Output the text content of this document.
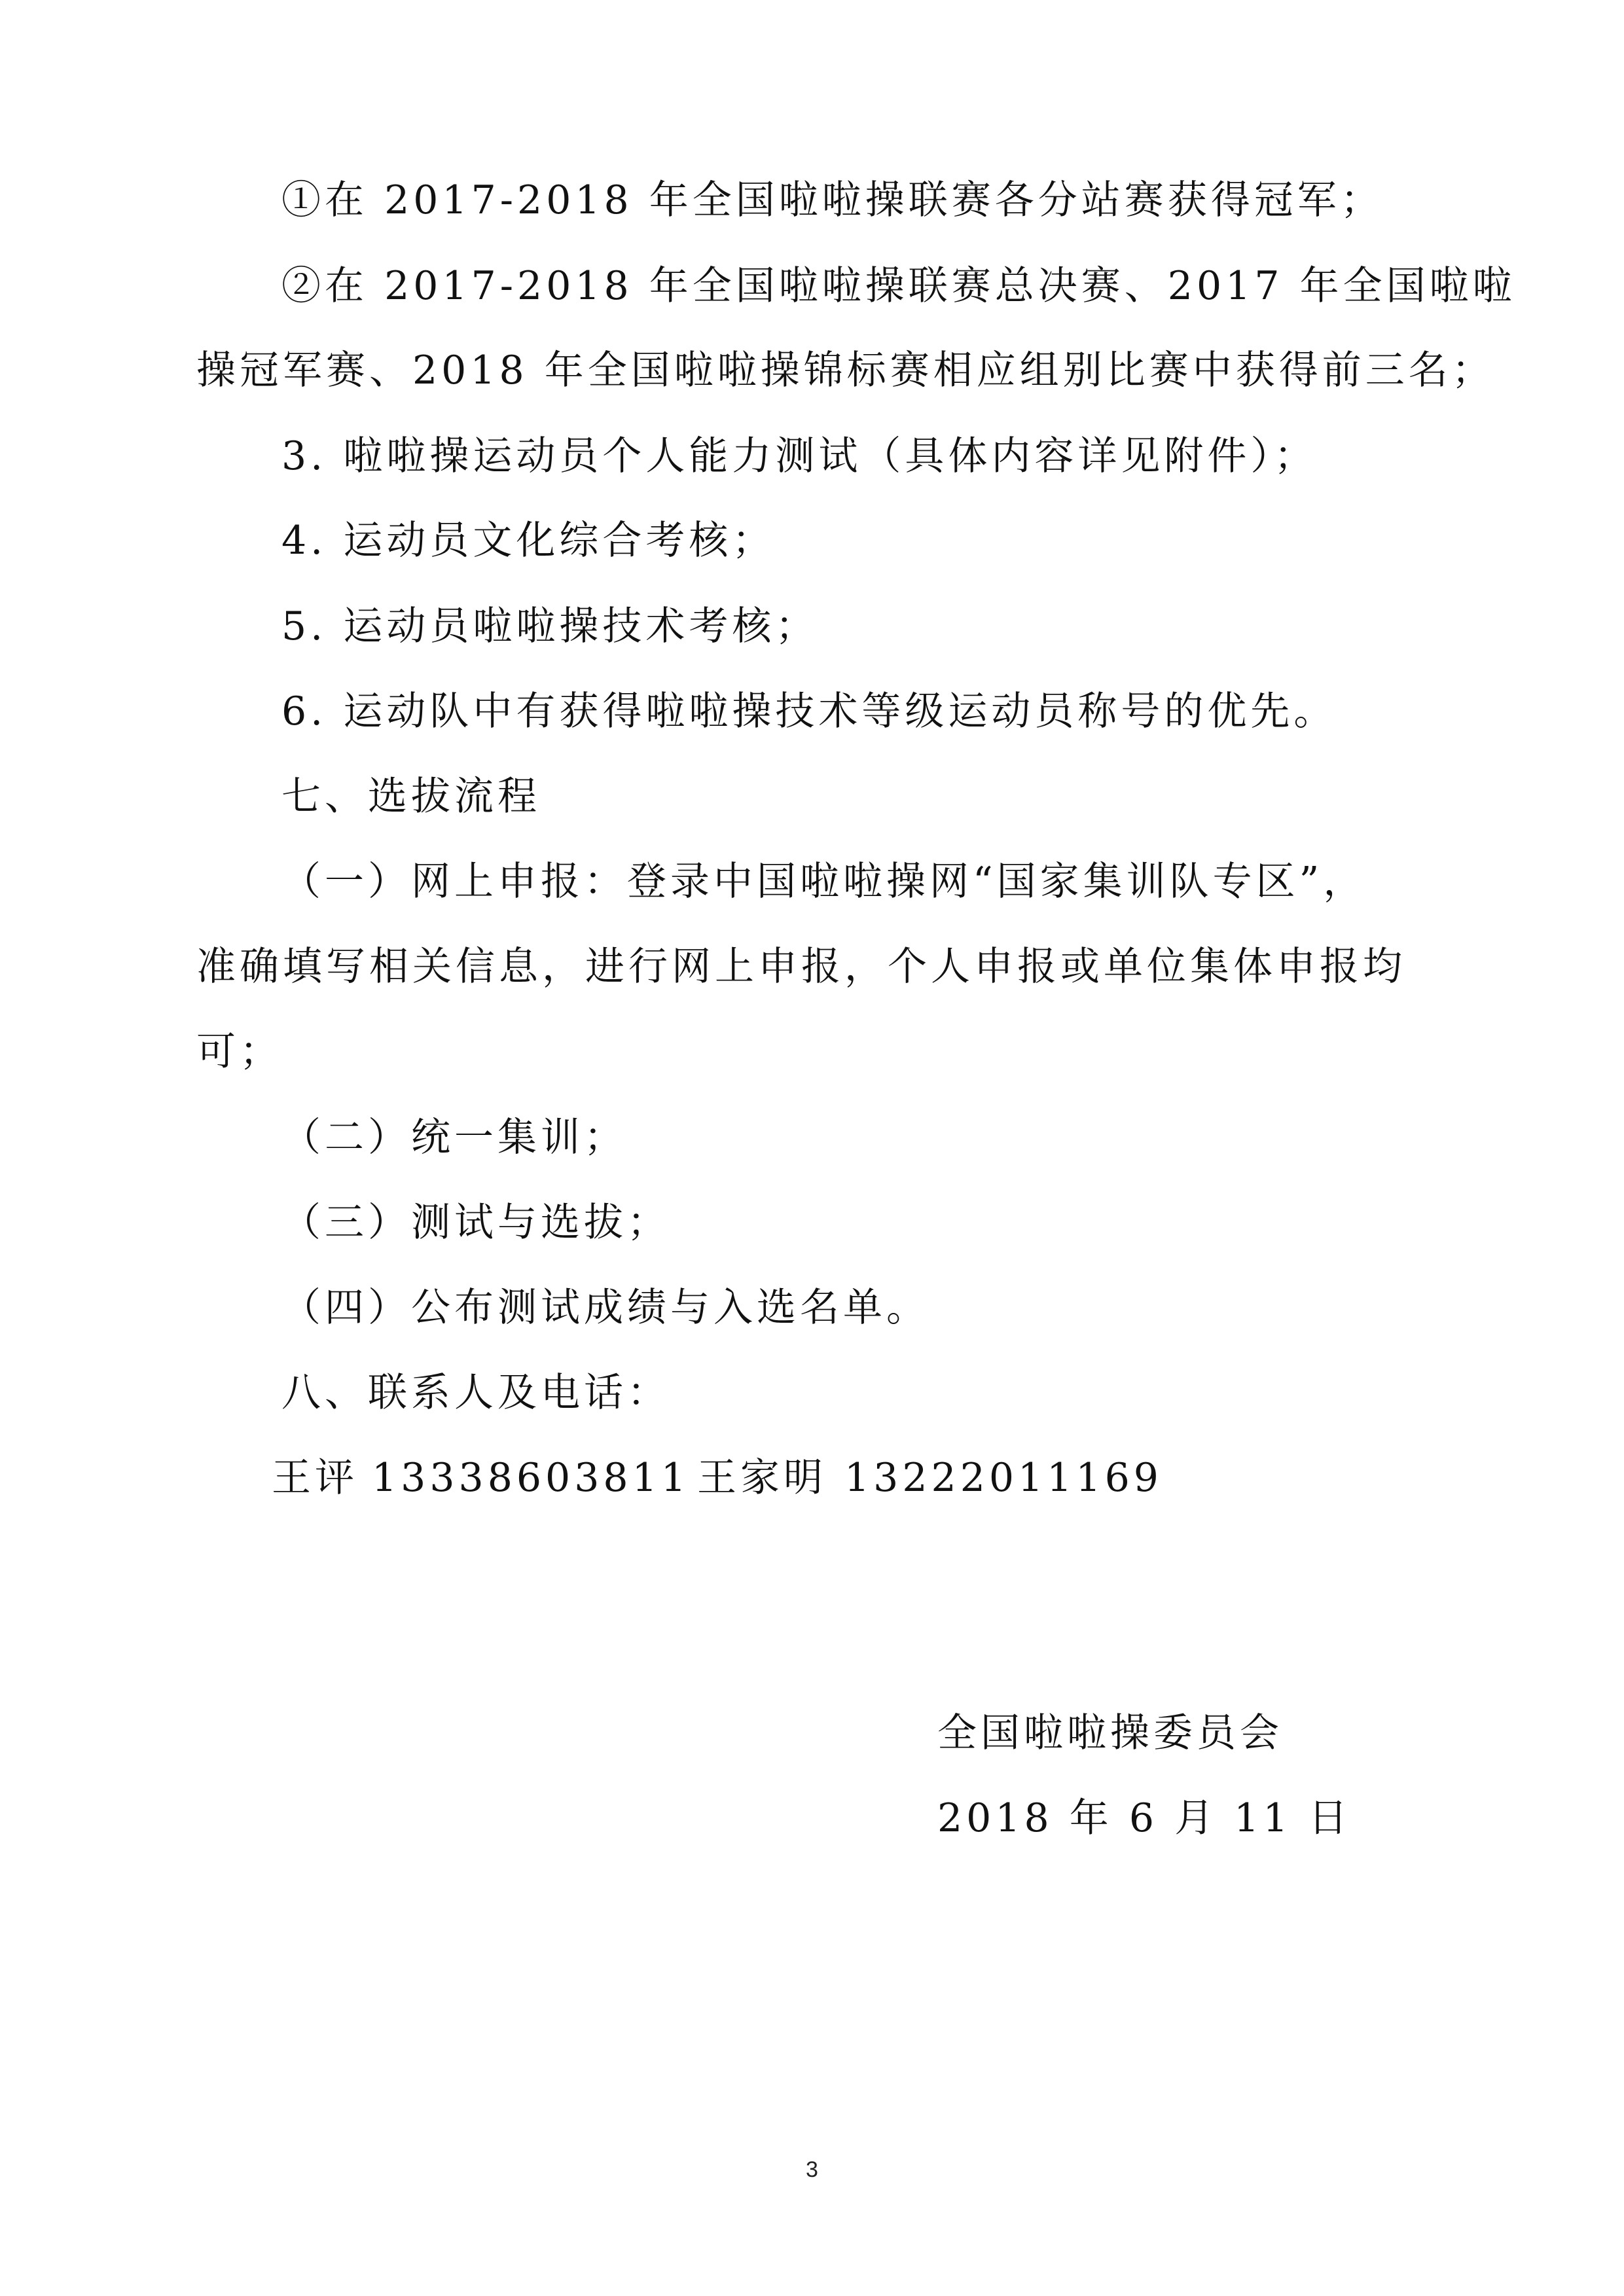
①在 2017-2018 年全国啦啦操联赛各分站赛获得冠军；
②在 2017-2018 年全国啦啦操联赛总决赛、2017 年全国啦啦
操冠军赛、2018 年全国啦啦操锦标赛相应组别比赛中获得前三名；
3. 啦啦操运动员个人能力测试（具体内容详见附件）；
4. 运动员文化综合考核；
5. 运动员啦啦操技术考核；
6. 运动队中有获得啦啦操技术等级运动员称号的优先。
七、选拔流程
（一）网上申报：登录中国啦啦操网“国家集训队专区”，
准确填写相关信息，进行网上申报，个人申报或单位集体申报均
可；
（二）统一集训；
（三）测试与选拔；
（四）公布测试成绩与入选名单。
八、联系人及电话：
王评 13338603811 王家明 13222011169
全国啦啦操委员会
2018 年 6 月 11 日
3
